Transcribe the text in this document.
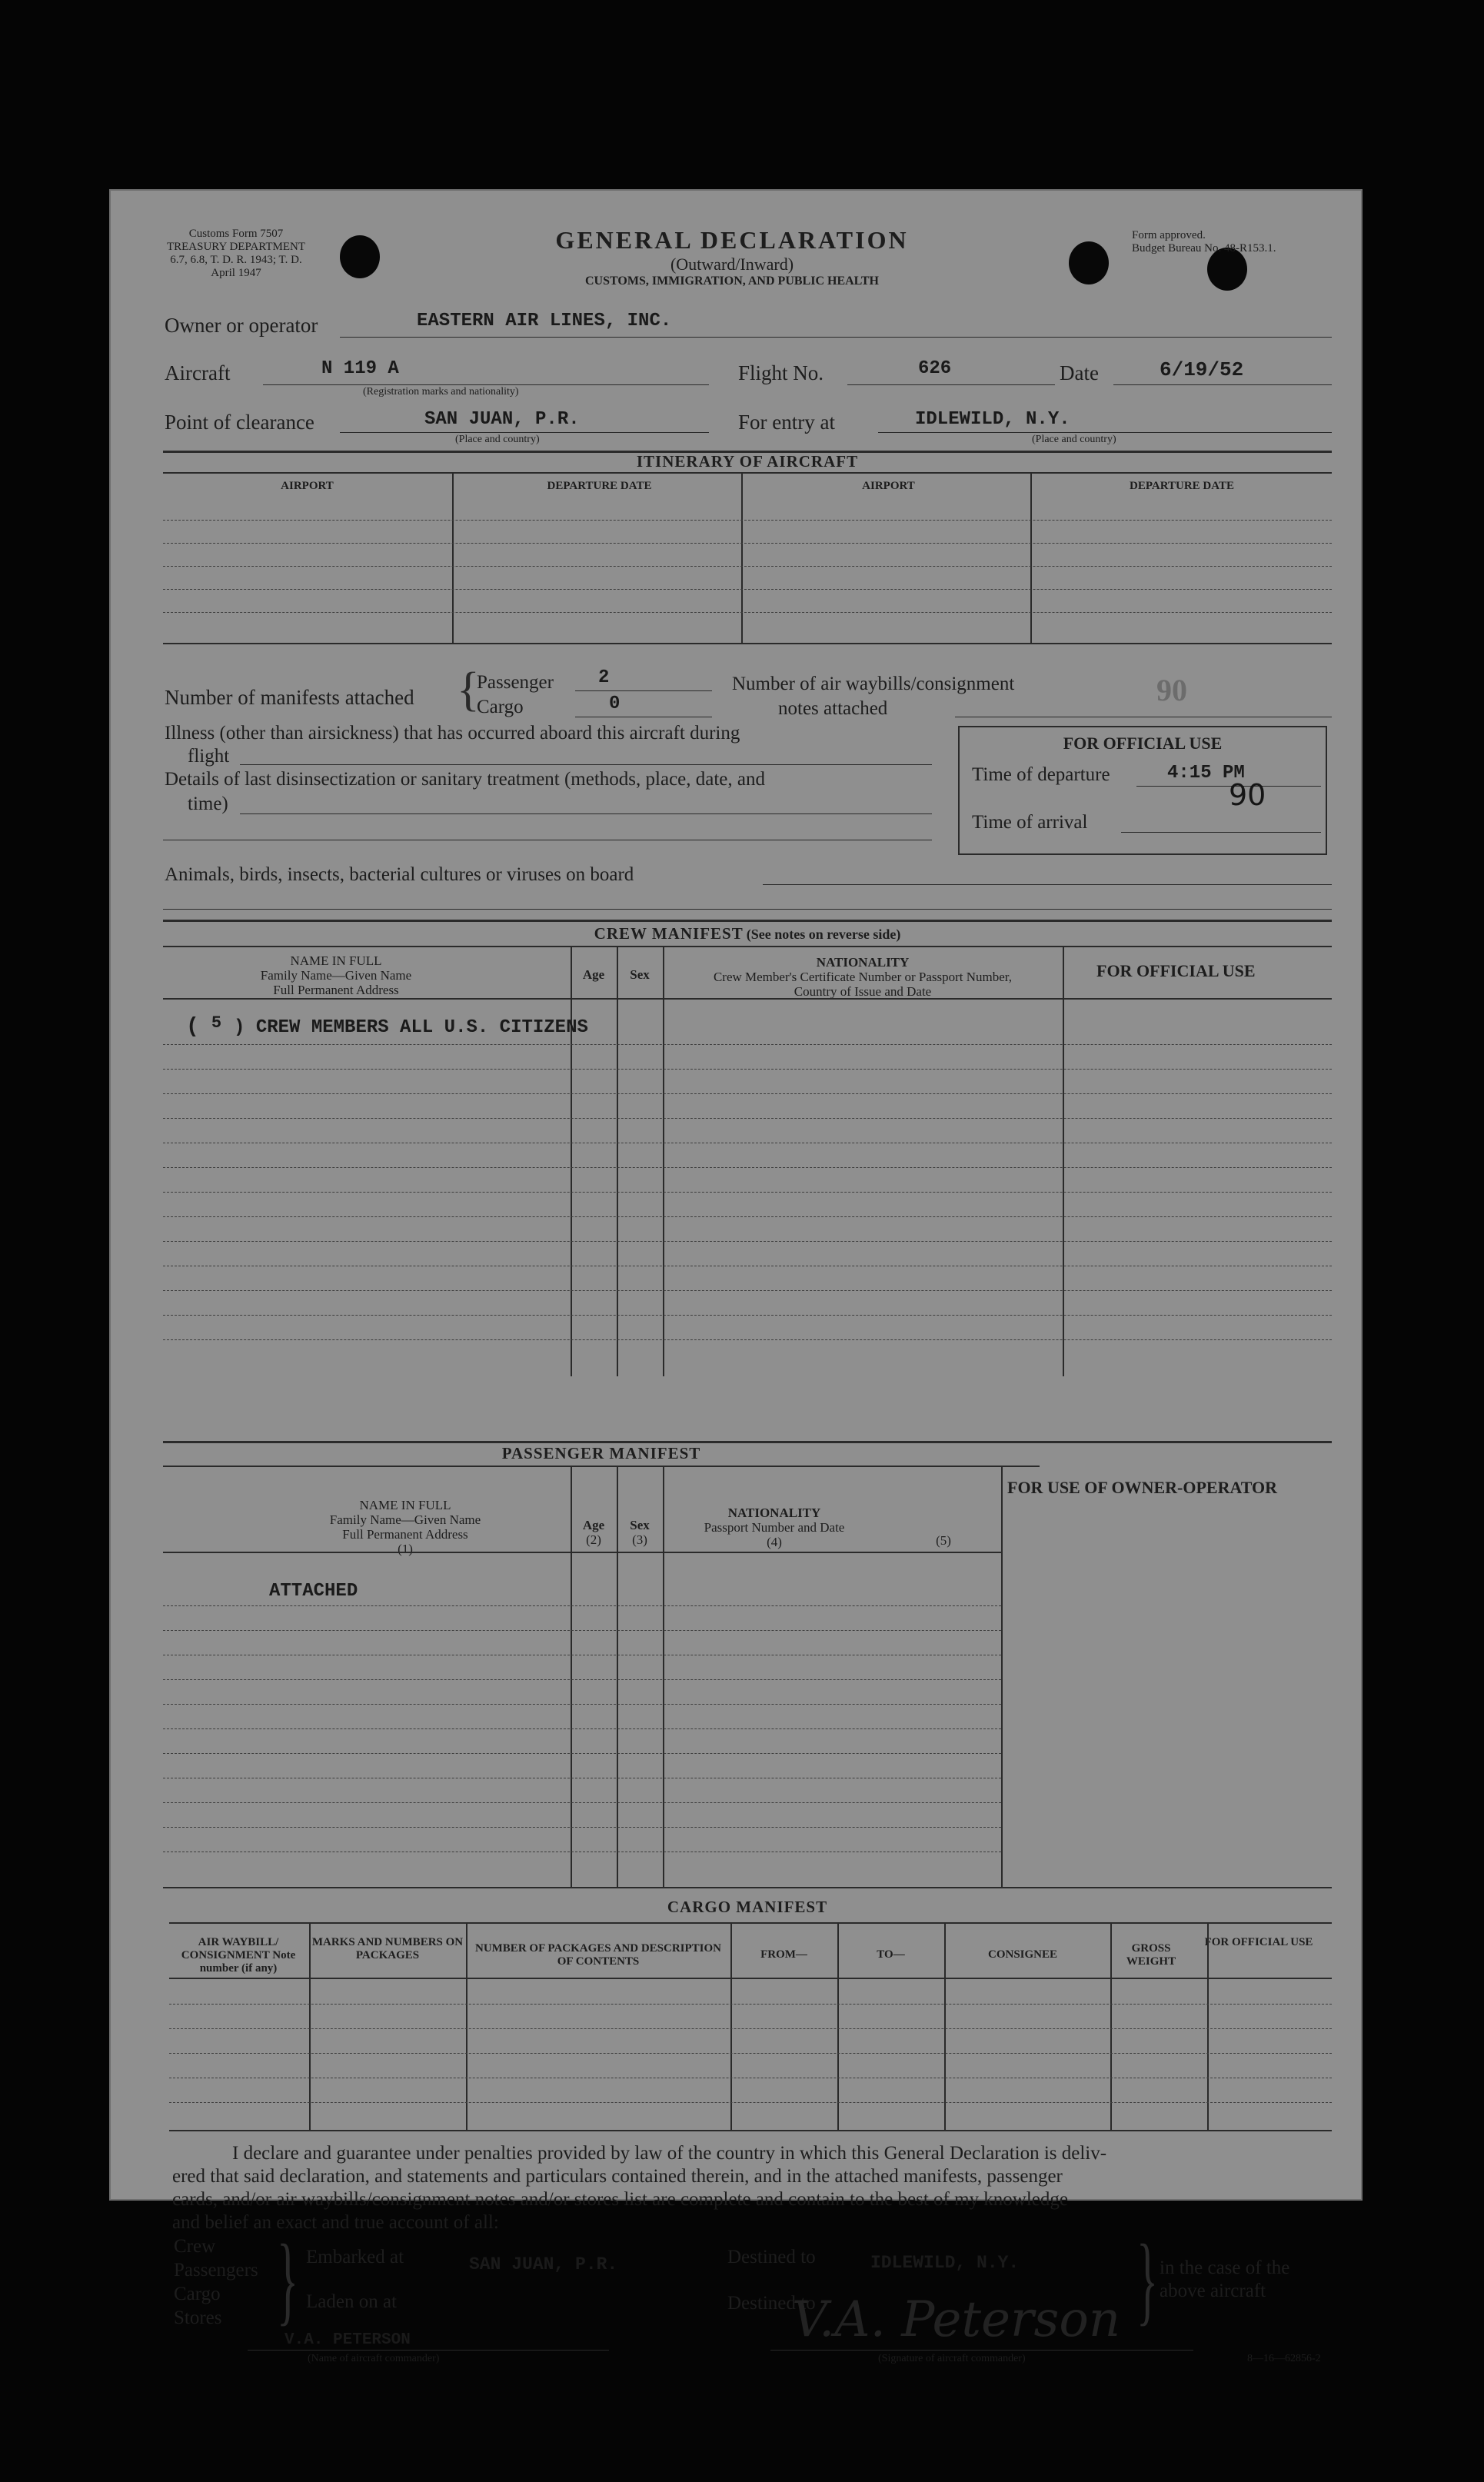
Customs Form 7507
TREASURY DEPARTMENT
6.7, 6.8, T. D. R. 1943; T. D.
April 1947
GENERAL DECLARATION
(Outward/Inward)
CUSTOMS, IMMIGRATION, AND PUBLIC HEALTH
Form approved.
Budget Bureau No. 48-R153.1.
Owner or operator	EASTERN AIR LINES, INC.
Aircraft	N 119 A
(Registration marks and nationality)
Flight No.	626	Date	6/19/52
Point of clearance	SAN JUAN, P.R.
(Place and country)
For entry at	IDLEWILD, N.Y.
(Place and country)
ITINERARY OF AIRCRAFT
AIRPORT	DEPARTURE DATE	AIRPORT	DEPARTURE DATE
Number of manifests attached {
Passenger 2
Cargo	0
Number of air waybills/consignment
notes attached
90
Illness (other than airsickness) that has occurred aboard this aircraft during
flight
Details of last disinsectization or sanitary treatment (methods, place, date, and
time)
Animals, birds, insects, bacterial cultures or viruses on board
FOR OFFICIAL USE
Time of departure	4:15 PM
90
Time of arrival
CREW MANIFEST (See notes on reverse side)
NAME IN FULL
Family Name—Given Name
Full Permanent Address
Age	Sex
NATIONALITY
Crew Member's Certificate Number or Passport Number,
Country of Issue and Date
FOR OFFICIAL USE
( 5 ) CREW MEMBERS ALL U.S. CITIZENS
PASSENGER MANIFEST
FOR USE OF OWNER-OPERATOR
NAME IN FULL
Family Name—Given Name
Full Permanent Address
(1)
Age
(2)
Sex
(3)
NATIONALITY
Passport Number and Date
(4)	(5)
ATTACHED
CARGO MANIFEST
AIR WAYBILL/ CONSIGNMENT Note number (if any)
MARKS AND NUMBERS ON PACKAGES
NUMBER OF PACKAGES AND DESCRIPTION OF CONTENTS
FROM—	TO—	CONSIGNEE	GROSS WEIGHT
FOR OFFICIAL USE
I declare and guarantee under penalties provided by law of the country in which this General Declaration is deliv-
ered that said declaration, and statements and particulars contained therein, and in the attached manifests, passenger
cards, and/or air waybills/consignment notes and/or stores list are complete and contain to the best of my knowledge
and belief an exact and true account of all:
Crew
Passengers
Cargo
Stores } Embarked at	SAN JUAN, P.R.
Laden on at
Destined to	IDLEWILD, N.Y.
Destined to	} in the case of the
above aircraft
V.A. PETERSON
(Name of aircraft commander)
V.A. Peterson
(Signature of aircraft commander)	8—16—62856-2
